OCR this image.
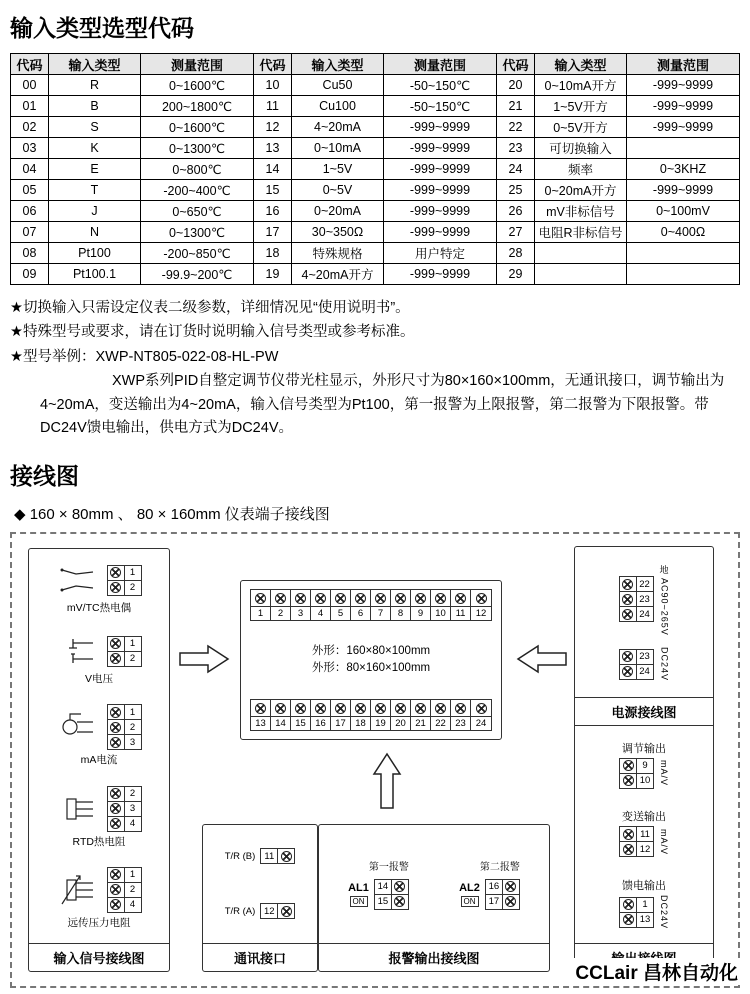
输入类型选型代码
代码	输入类型	测量范围	代码	输入类型	测量范围	代码	输入类型	测量范围
00	R	0~1600℃	10	Cu50	-50~150℃	20	0~10mA开方	-999~9999
01	B	200~1800℃	11	Cu100	-50~150℃	21	1~5V开方	-999~9999
02	S	0~1600℃	12	4~20mA	-999~9999	22	0~5V开方	-999~9999
03	K	0~1300℃	13	0~10mA	-999~9999	23	可切换输入	
04	E	0~800℃	14	1~5V	-999~9999	24	频率	0~3KHZ
05	T	-200~400℃	15	0~5V	-999~9999	25	0~20mA开方	-999~9999
06	J	0~650℃	16	0~20mA	-999~9999	26	mV非标信号	0~100mV
07	N	0~1300℃	17	30~350Ω	-999~9999	27	电阻R非标信号	0~400Ω
08	Pt100	-200~850℃	18	特殊规格	用户特定	28		
09	Pt100.1	-99.9~200℃	19	4~20mA开方	-999~9999	29		
★切换输入只需设定仪表二级参数，详细情况见“使用说明书”。
★特殊型号或要求，请在订货时说明输入信号类型或参考标准。
★型号举例：XWP-NT805-022-08-HL-PW

XWP系列PID自整定调节仪带光柱显示，外形尺寸为80×160×100mm，无通讯接口，调节输出为4~20mA，变送输出为4~20mA，输入信号类型为Pt100，第一报警为上限报警，第二报警为下限报警。带DC24V馈电输出，供电方式为DC24V。

接线图
◆ 160 × 80mm 、 80 × 160mm 仪表端子接线图
1
2
mV/TC热电偶
1
2
V电压
1
2
3
mA电流
2
3
4
RTD热电阻
1
2
4
远传压力电阻
输入信号接线图
1	2	3	4	5	6	7	8	9	10	11	12
外形：160×80×100mm
外形：80×160×100mm
13 14 15 16 17 18 19 20 21 22 23	24
T/R (B) 11
T/R (A) 12
通讯接口
第一报警
AL1
ON
14
15
第二报警
AL2
ON
16
17
报警输出接线图
22
23
24
地
AC90~265V
23
24	DC24V
电源接线图
调节输出
9
10 mA/V
变送输出
11
12 mA/V
馈电输出
1
13 DC24V
CCLair 昌林自动化
